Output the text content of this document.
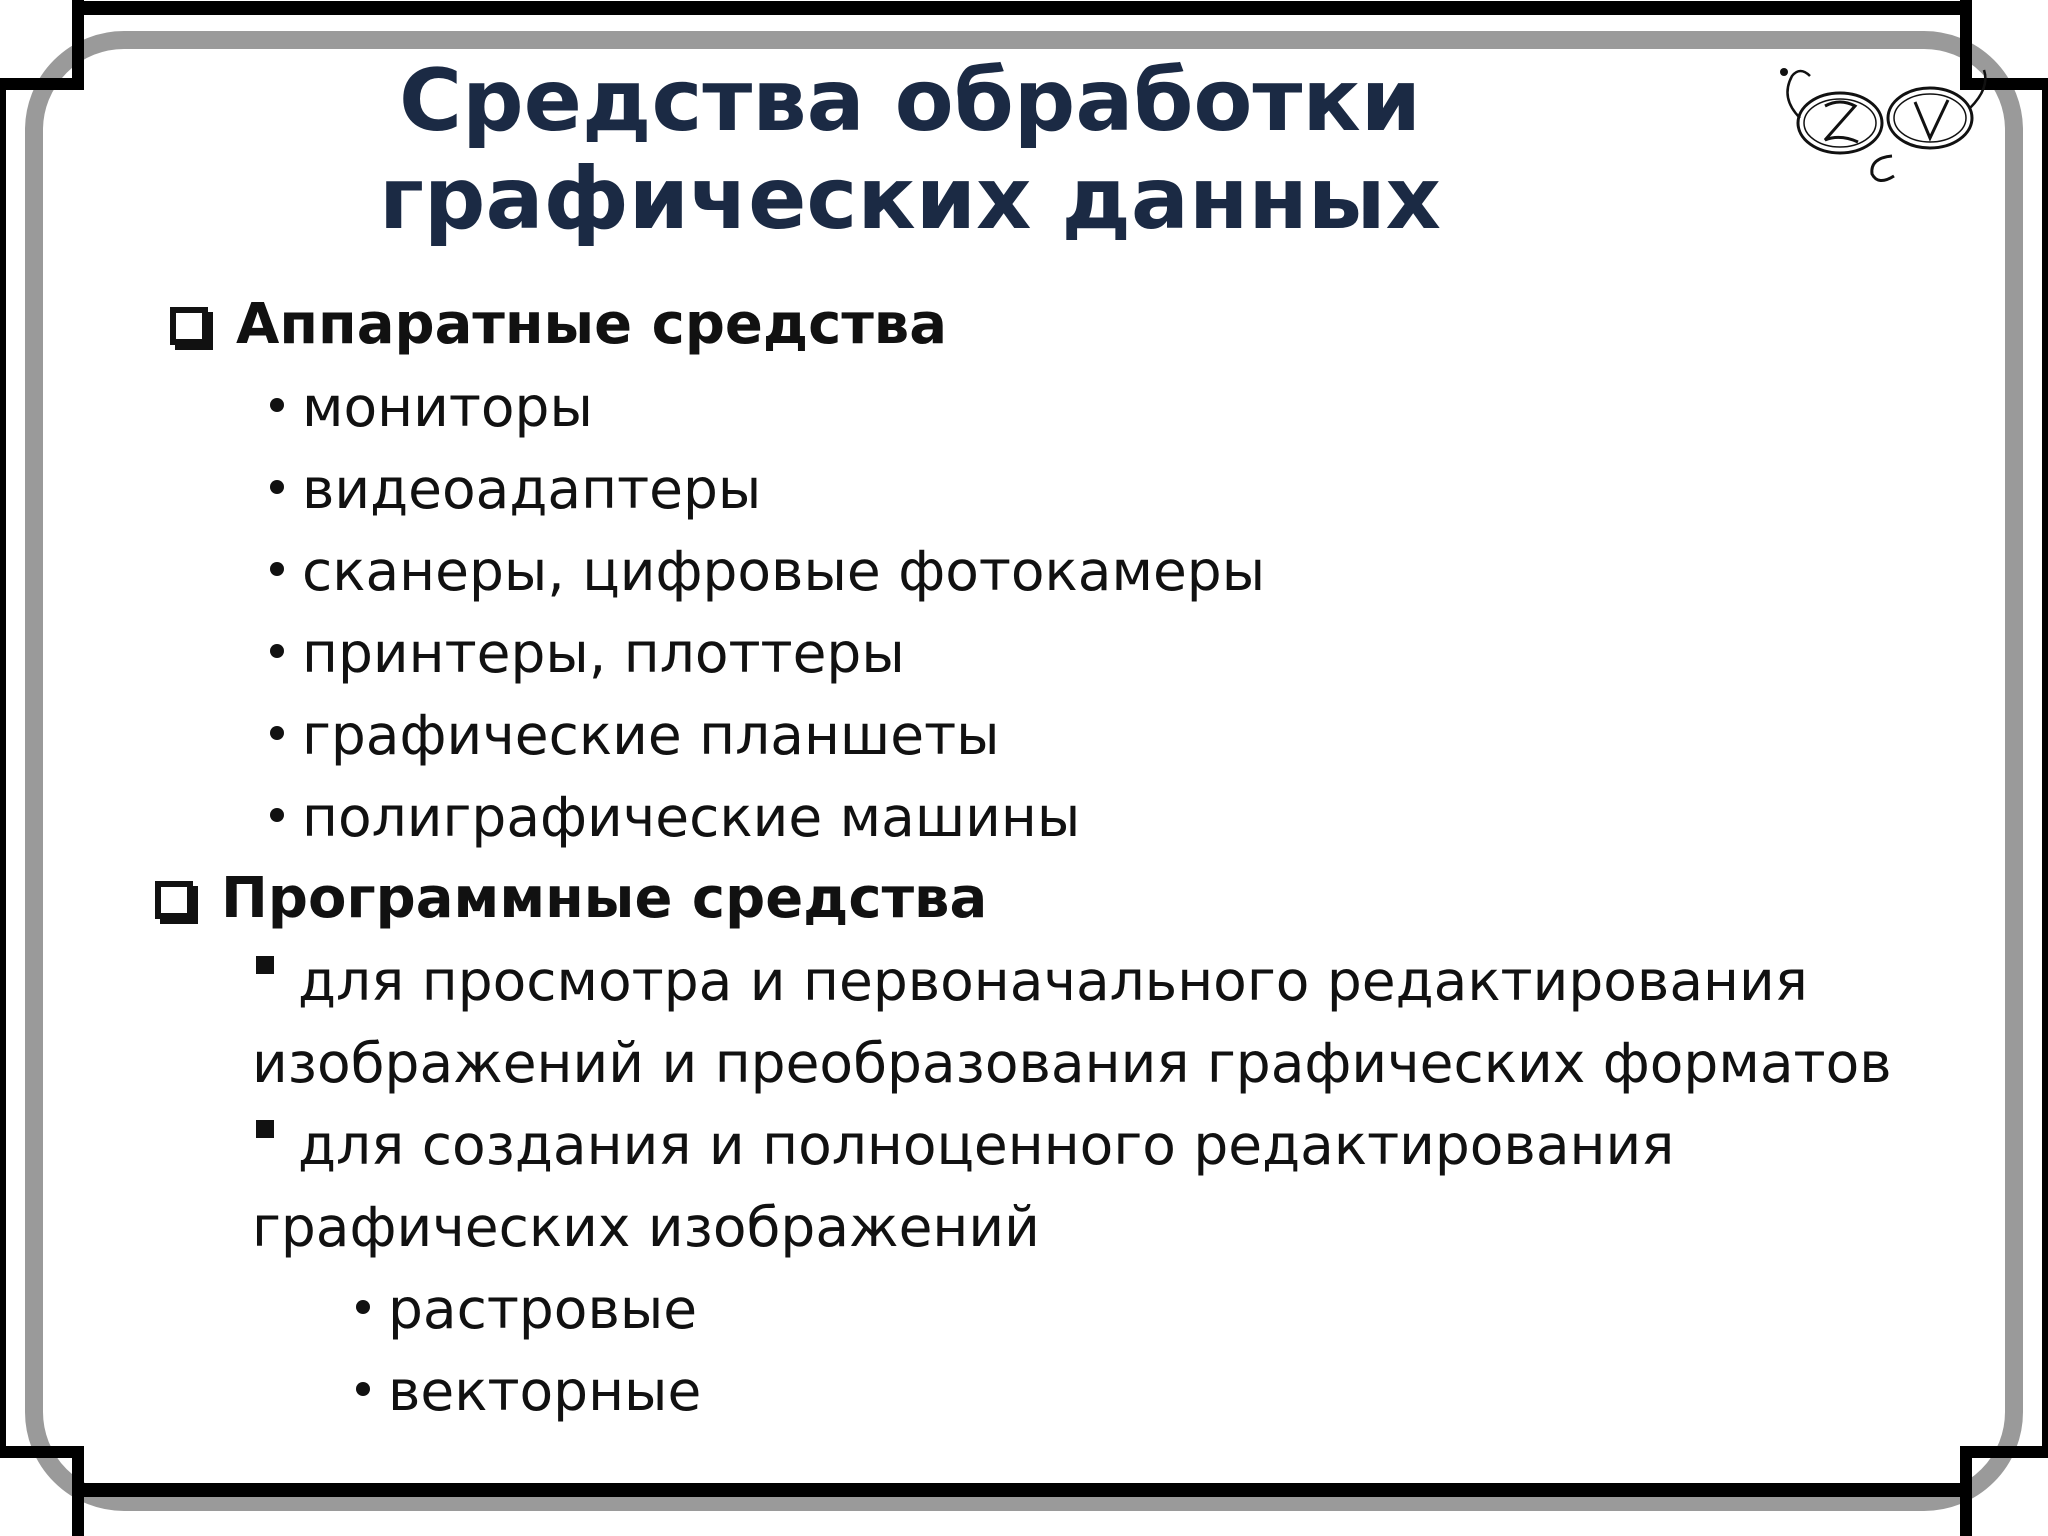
Средства обработки графических данных
Аппаратные средства
мониторы
видеоадаптеры
сканеры, цифровые фотокамеры
принтеры, плоттеры
графические планшеты
полиграфические машины
Программные средства
для просмотра и первоначального редактирования
изображений и преобразования графических форматов
для создания и полноценного редактирования
графических изображений
растровые
векторные
